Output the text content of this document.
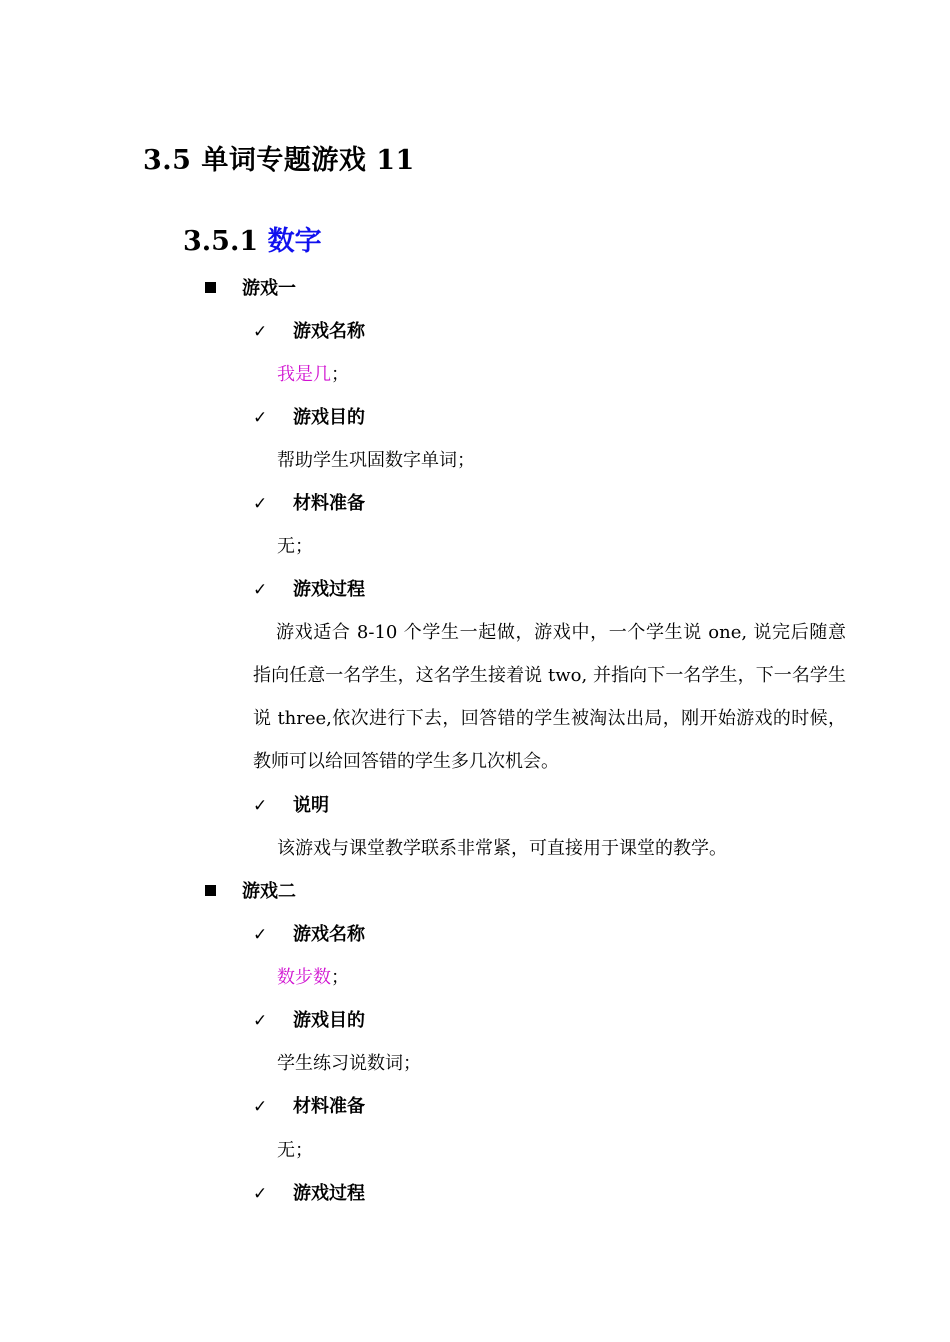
3.5 单词专题游戏 11
3.5.1 数字
游戏一
✓ 游戏名称
我是几；
✓ 游戏目的
帮助学生巩固数字单词；
✓ 材料准备
无；
✓ 游戏过程
游戏适合 8-10 个学生一起做，游戏中，一个学生说 one, 说完后随意指向任意一名学生，这名学生接着说 two, 并指向下一名学生，下一名学生说 three,依次进行下去，回答错的学生被淘汰出局，刚开始游戏的时候，教师可以给回答错的学生多几次机会。
✓ 说明
该游戏与课堂教学联系非常紧，可直接用于课堂的教学。
游戏二
✓ 游戏名称
数步数；
✓ 游戏目的
学生练习说数词；
✓ 材料准备
无；
✓ 游戏过程
